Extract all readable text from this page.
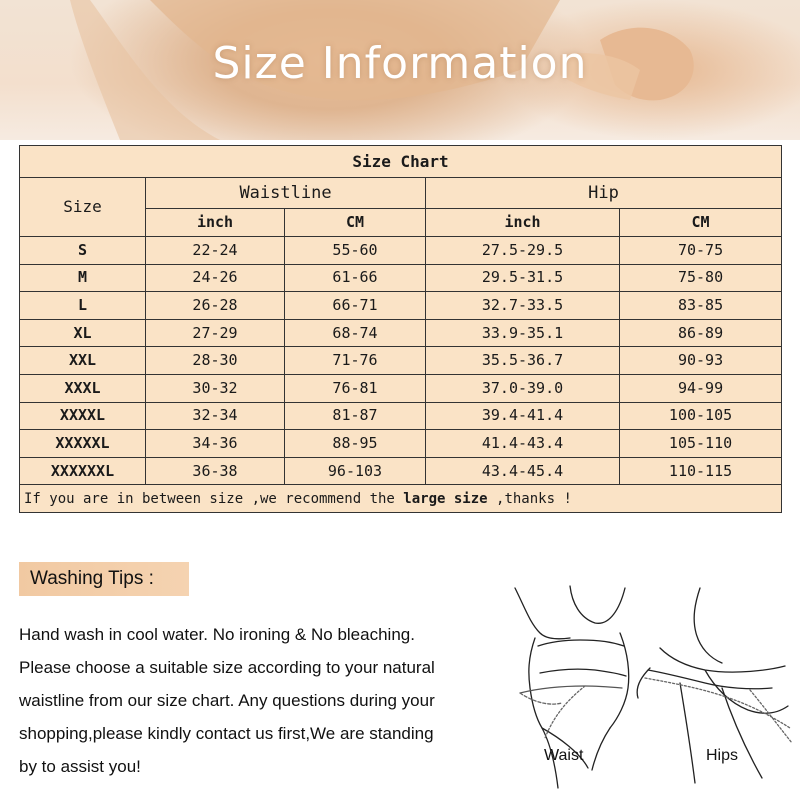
Size Information
Size Chart				
Size	Waistline		Hip	
	inch	CM	inch	CM
S	22-24	55-60	27.5-29.5	70-75
M	24-26	61-66	29.5-31.5	75-80
L	26-28	66-71	32.7-33.5	83-85
XL	27-29	68-74	33.9-35.1	86-89
XXL	28-30	71-76	35.5-36.7	90-93
XXXL	30-32	76-81	37.0-39.0	94-99
XXXXL	32-34	81-87	39.4-41.4	100-105
XXXXXL	34-36	88-95	41.4-43.4	105-110
XXXXXXL	36-38	96-103	43.4-45.4	110-115
If you are in between size ,we recommend the large size ,thanks !				
Washing Tips :
Hand wash in cool water. No ironing & No bleaching.
Please choose a suitable size according to your natural
waistline from our size chart. Any questions during your
shopping,please kindly contact us first,We are standing
by to assist you!
Waist	Hips
